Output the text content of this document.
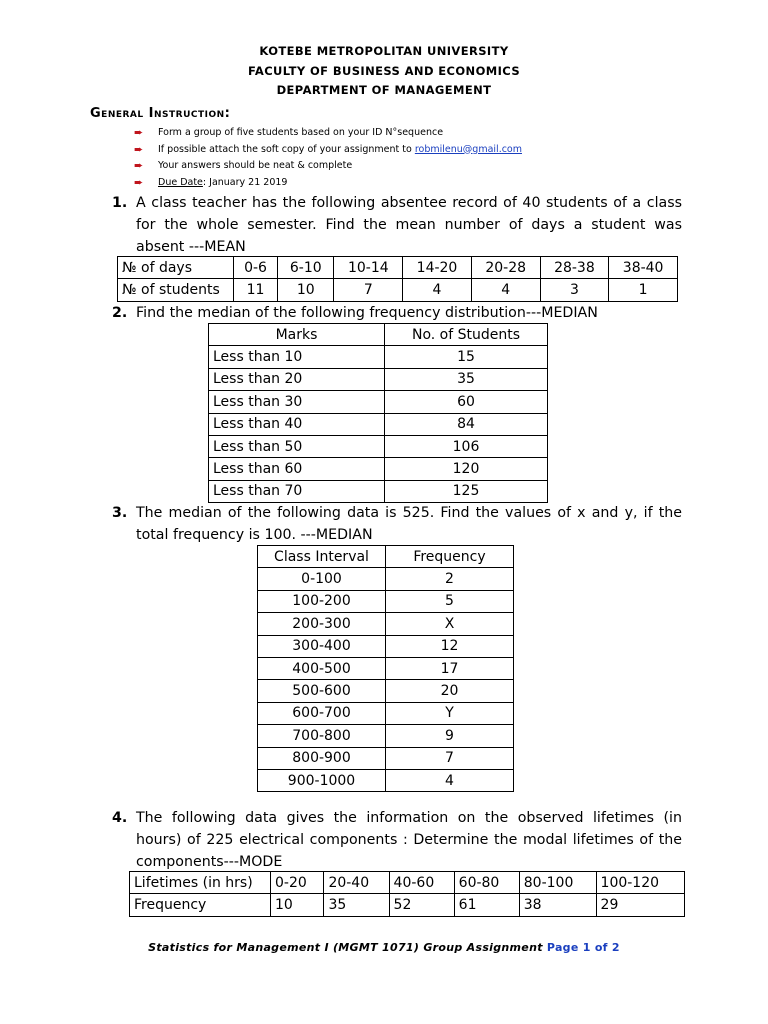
KOTEBE METROPOLITAN UNIVERSITY
FACULTY OF BUSINESS AND ECONOMICS
DEPARTMENT OF MANAGEMENT
General Instruction:
➨	Form a group of five students based on your ID N°sequence
➨	If possible attach the soft copy of your assignment to
robmilenu@gmail.com
➨	Your answers should be neat & complete
➨	Due Date : January 21 2019
1. A class teacher has the following absentee record of 40 students of a class for the whole semester. Find the mean number of days a student was absent ---MEAN
№ of days	0-6	6-10	10-14	14-20	20-28	28-38	38-40
№ of students	11	10	7	4	4	3	1
2. Find the median of the following frequency distribution---MEDIAN
Marks	No. of Students
Less than 10	15
Less than 20	35
Less than 30	60
Less than 40	84
Less than 50	106
Less than 60	120
Less than 70	125
3. The median of the following data is 525. Find the values of x and y, if the total frequency is 100. ---MEDIAN
Class Interval	Frequency
0-100	2
100-200	5
200-300	X
300-400	12
400-500	17
500-600	20
600-700	Y
700-800	9
800-900	7
900-1000	4
4. The following data gives the information on the observed lifetimes (in hours) of 225 electrical components : Determine the modal lifetimes of the components---MODE
Lifetimes (in hrs)	0-20	20-40	40-60	60-80	80-100	100-120
Frequency	10	35	52	61	38	29
Statistics for Management I (MGMT 1071) Group Assignment Page 1 of 2
